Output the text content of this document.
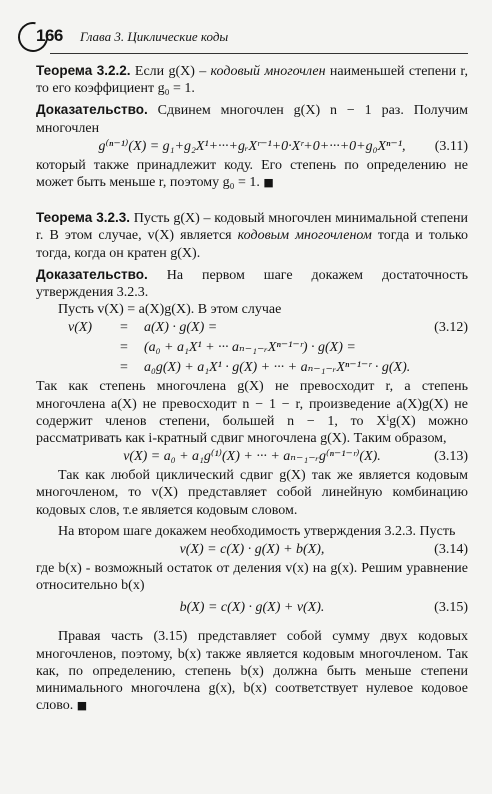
166 Глава 3. Циклические коды

Теорема 3.2.2. Если g(X) – кодовый многочлен наименьшей степени r, то его коэффициент g₀ = 1.

Доказательство. Сдвинем многочлен g(X) n − 1 раз. Получим многочлен

g⁽ⁿ⁻¹⁾(X) = g₁+g₂X¹+···+gᵣXʳ⁻¹+0·Xʳ+0+···+0+g₀Xⁿ⁻¹, (3.11)

который также принадлежит коду. Его степень по определению не может быть меньше r, поэтому g₀ = 1. ■

Теорема 3.2.3. Пусть g(X) – кодовый многочлен минимальной степени r. В этом случае, v(X) является кодовым многочленом тогда и только тогда, когда он кратен g(X).

Доказательство. На первом шаге докажем достаточность утверждения 3.2.3.

Пусть v(X) = a(X)g(X). В этом случае

v(X) = a(X) · g(X) =	(3.12)
= (a₀ + a₁X¹ + ··· aₙ₋₁₋ᵣXⁿ⁻¹⁻ʳ) · g(X) =
= a₀g(X) + a₁X¹ · g(X) + ··· + aₙ₋₁₋ᵣXⁿ⁻¹⁻ʳ · g(X).

Так как степень многочлена g(X) не превосходит r, а степень многочлена a(X) не превосходит n − 1 − r, произведение a(X)g(X) не содержит членов степени, большей n − 1, то Xⁱg(X) можно рассматривать как i-кратный сдвиг многочлена g(X). Таким образом,

v(X) = a₀ + a₁g⁽¹⁾(X) + ··· + aₙ₋₁₋ᵣg⁽ⁿ⁻¹⁻ʳ⁾(X).	(3.13)

Так как любой циклический сдвиг g(X) так же является кодовым многочленом, то v(X) представляет собой линейную комбинацию кодовых слов, т.е является кодовым словом.

На втором шаге докажем необходимость утверждения 3.2.3. Пусть

v(X) = c(X) · g(X) + b(X),	(3.14)

где b(x) - возможный остаток от деления v(x) на g(x). Решим уравнение относительно b(x)

b(X) = c(X) · g(X) + v(X).	(3.15)

Правая часть (3.15) представляет собой сумму двух кодовых многочленов, поэтому, b(x) также является кодовым многочленом. Так как, по определению, степень b(x) должна быть меньше степени минимального многочлена g(x), b(x) соответствует нулевое кодовое слово. ■
